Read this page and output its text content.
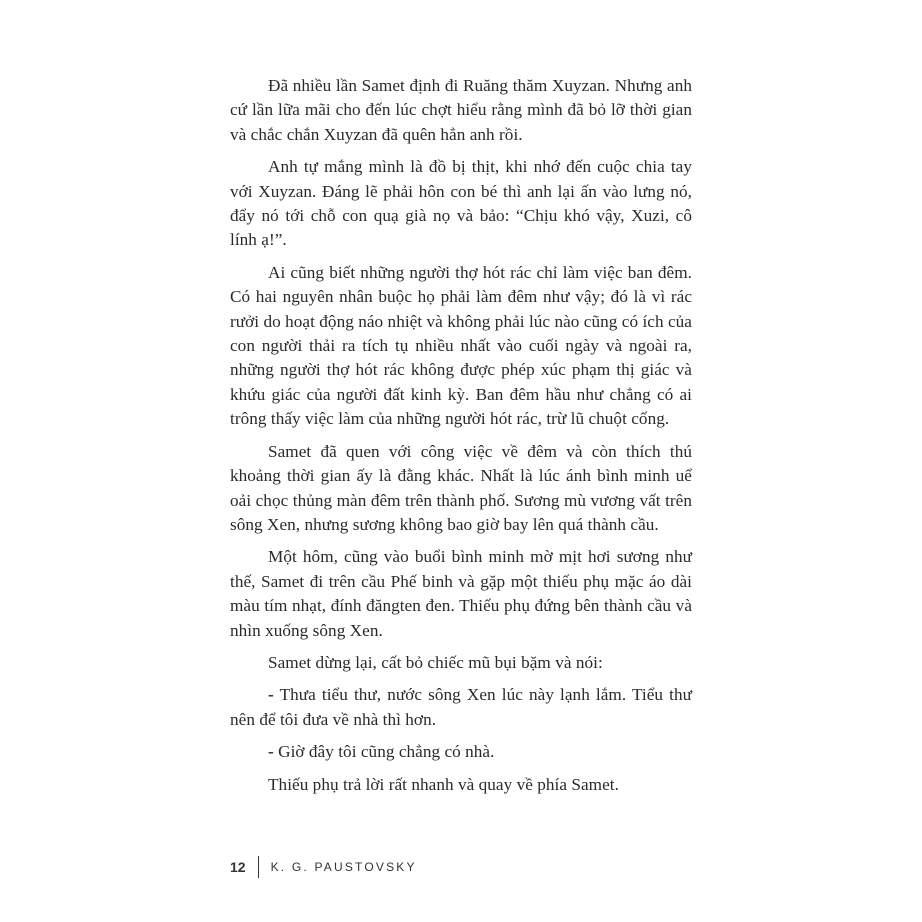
Đã nhiều lần Samet định đi Ruăng thăm Xuyzan. Nhưng anh cứ lần lữa mãi cho đến lúc chợt hiểu rằng mình đã bỏ lỡ thời gian và chắc chắn Xuyzan đã quên hẳn anh rồi.

Anh tự mắng mình là đồ bị thịt, khi nhớ đến cuộc chia tay với Xuyzan. Đáng lẽ phải hôn con bé thì anh lại ấn vào lưng nó, đẩy nó tới chỗ con quạ già nọ và bảo: “Chịu khó vậy, Xuzi, cô lính ạ!”.

Ai cũng biết những người thợ hót rác chỉ làm việc ban đêm. Có hai nguyên nhân buộc họ phải làm đêm như vậy; đó là vì rác rưởi do hoạt động náo nhiệt và không phải lúc nào cũng có ích của con người thải ra tích tụ nhiều nhất vào cuối ngày và ngoài ra, những người thợ hót rác không được phép xúc phạm thị giác và khứu giác của người đất kinh kỳ. Ban đêm hầu như chẳng có ai trông thấy việc làm của những người hót rác, trừ lũ chuột cống.

Samet đã quen với công việc về đêm và còn thích thú khoảng thời gian ấy là đằng khác. Nhất là lúc ánh bình minh uể oải chọc thủng màn đêm trên thành phố. Sương mù vương vất trên sông Xen, nhưng sương không bao giờ bay lên quá thành cầu.

Một hôm, cũng vào buổi bình minh mờ mịt hơi sương như thế, Samet đi trên cầu Phế binh và gặp một thiếu phụ mặc áo dài màu tím nhạt, đính đăngten đen. Thiếu phụ đứng bên thành cầu và nhìn xuống sông Xen.

Samet dừng lại, cất bỏ chiếc mũ bụi bặm và nói:

- Thưa tiểu thư, nước sông Xen lúc này lạnh lắm. Tiểu thư nên để tôi đưa về nhà thì hơn.

- Giờ đây tôi cũng chẳng có nhà.

Thiếu phụ trả lời rất nhanh và quay về phía Samet.

12 K. G. PAUSTOVSKY
